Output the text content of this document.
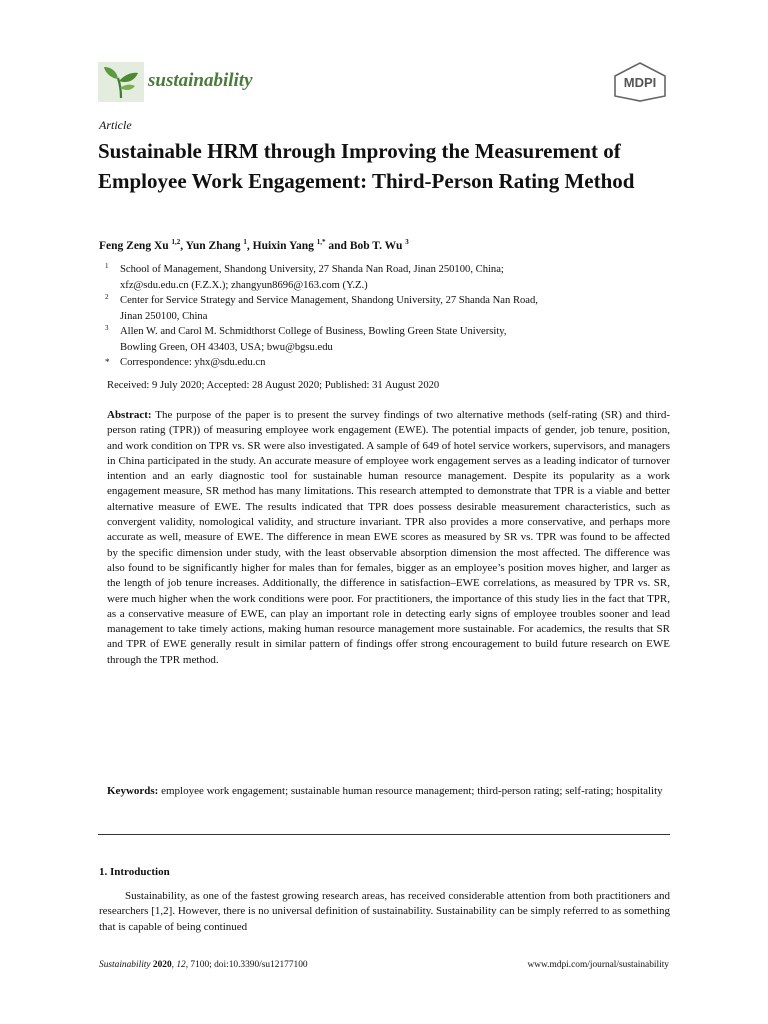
sustainability	MDPI
Article
Sustainable HRM through Improving the Measurement of Employee Work Engagement: Third-Person Rating Method
Feng Zeng Xu $^{1,2}$, Yun Zhang $^1$, Huixin Yang $^{1,*}$ and Bob T. Wu $^3$
1 School of Management, Shandong University, 27 Shanda Nan Road, Jinan 250100, China;
xfz@sdu.edu.cn (F.Z.X.); zhangyun8696@163.com (Y.Z.)
2 Center for Service Strategy and Service Management, Shandong University, 27 Shanda Nan Road,
Jinan 250100, China
3 Allen W. and Carol M. Schmidthorst College of Business, Bowling Green State University,
Bowling Green, OH 43403, USA; bwu@bgsu.edu
* Correspondence: yhx@sdu.edu.cn
Received: 9 July 2020; Accepted: 28 August 2020; Published: 31 August 2020

Abstract: The purpose of the paper is to present the survey findings of two alternative methods (self-rating (SR) and third-person rating (TPR)) of measuring employee work engagement (EWE). The potential impacts of gender, job tenure, position, and work condition on TPR vs. SR were also investigated. A sample of 649 of hotel service workers, supervisors, and managers in China participated in the study. An accurate measure of employee work engagement serves as a leading indicator of turnover intention and an early diagnostic tool for sustainable human resource management. Despite its popularity as a work engagement measure, SR method has many limitations. This research attempted to demonstrate that TPR is a viable and better alternative measure of EWE. The results indicated that TPR does possess desirable measurement characteristics, such as convergent validity, nomological validity, and structure invariant. TPR also provides a more conservative, and perhaps more accurate as well, measure of EWE. The difference in mean EWE scores as measured by SR vs. TPR was found to be affected by the specific dimension under study, with the least observable absorption dimension the most affected. The difference was also found to be significantly higher for males than for females, bigger as an employee’s position moves higher, and larger as the length of job tenure increases. Additionally, the difference in satisfaction–EWE correlations, as measured by TPR vs. SR, were much higher when the work conditions were poor. For practitioners, the importance of this study lies in the fact that TPR, as a conservative measure of EWE, can play an important role in detecting early signs of employee troubles sooner and lead management to take timely actions, making human resource management more sustainable. For academics, the results that SR and TPR of EWE generally result in similar pattern of findings offer strong encouragement to build future research on EWE through the TPR method.

Keywords: employee work engagement; sustainable human resource management; third-person rating; self-rating; hospitality

1. Introduction

Sustainability, as one of the fastest growing research areas, has received considerable attention from both practitioners and researchers [1,2]. However, there is no universal definition of sustainability. Sustainability can be simply referred to as something that is capable of being continued

Sustainability 2020, 12, 7100; doi:10.3390/su12177100	www.mdpi.com/journal/sustainability
